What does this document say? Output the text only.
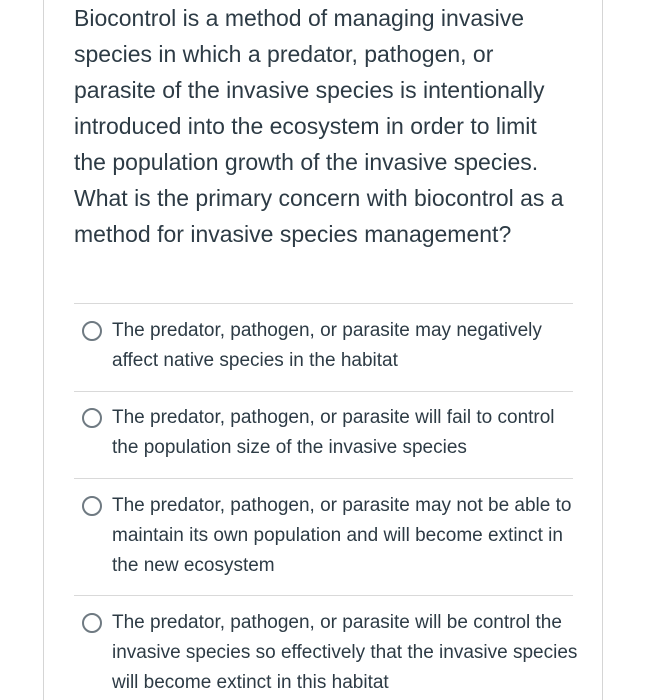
Biocontrol is a method of managing invasive species in which a predator, pathogen, or parasite of the invasive species is intentionally introduced into the ecosystem in order to limit the population growth of the invasive species. What is the primary concern with biocontrol as a method for invasive species management?

The predator, pathogen, or parasite may negatively affect native species in the habitat
The predator, pathogen, or parasite will fail to control the population size of the invasive species
The predator, pathogen, or parasite may not be able to maintain its own population and will become extinct in the new ecosystem
The predator, pathogen, or parasite will be control the invasive species so effectively that the invasive species will become extinct in this habitat
